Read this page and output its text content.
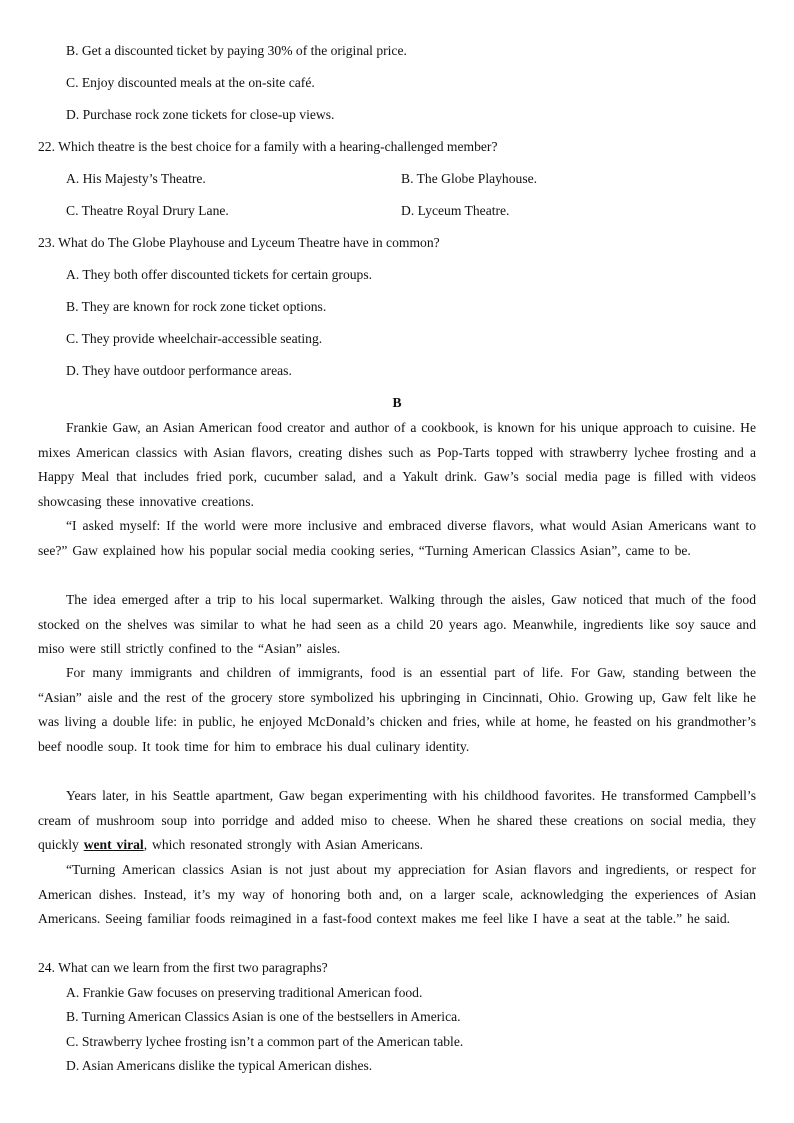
B. Get a discounted ticket by paying 30% of the original price.
C. Enjoy discounted meals at the on-site café.
D. Purchase rock zone tickets for close-up views.
22. Which theatre is the best choice for a family with a hearing-challenged member?
A. His Majesty’s Theatre.	B. The Globe Playhouse.
C. Theatre Royal Drury Lane.	D. Lyceum Theatre.
23. What do The Globe Playhouse and Lyceum Theatre have in common?
A. They both offer discounted tickets for certain groups.
B. They are known for rock zone ticket options.
C. They provide wheelchair-accessible seating.
D. They have outdoor performance areas.
B
Frankie Gaw, an Asian American food creator and author of a cookbook, is known for his unique approach to cuisine. He mixes American classics with Asian flavors, creating dishes such as Pop-Tarts topped with strawberry lychee frosting and a Happy Meal that includes fried pork, cucumber salad, and a Yakult drink. Gaw’s social media page is filled with videos showcasing these innovative creations.
“I asked myself: If the world were more inclusive and embraced diverse flavors, what would Asian Americans want to see?” Gaw explained how his popular social media cooking series, “Turning American Classics Asian”, came to be.
The idea emerged after a trip to his local supermarket. Walking through the aisles, Gaw noticed that much of the food stocked on the shelves was similar to what he had seen as a child 20 years ago. Meanwhile, ingredients like soy sauce and miso were still strictly confined to the “Asian” aisles.
For many immigrants and children of immigrants, food is an essential part of life. For Gaw, standing between the “Asian” aisle and the rest of the grocery store symbolized his upbringing in Cincinnati, Ohio. Growing up, Gaw felt like he was living a double life: in public, he enjoyed McDonald’s chicken and fries, while at home, he feasted on his grandmother’s beef noodle soup. It took time for him to embrace his dual culinary identity.
Years later, in his Seattle apartment, Gaw began experimenting with his childhood favorites. He transformed Campbell’s cream of mushroom soup into porridge and added miso to cheese. When he shared these creations on social media, they quickly went viral, which resonated strongly with Asian Americans.
“Turning American classics Asian is not just about my appreciation for Asian flavors and ingredients, or respect for American dishes. Instead, it’s my way of honoring both and, on a larger scale, acknowledging the experiences of Asian Americans. Seeing familiar foods reimagined in a fast-food context makes me feel like I have a seat at the table.” he said.
24. What can we learn from the first two paragraphs?
A. Frankie Gaw focuses on preserving traditional American food.
B. Turning American Classics Asian is one of the bestsellers in America.
C. Strawberry lychee frosting isn’t a common part of the American table.
D. Asian Americans dislike the typical American dishes.
